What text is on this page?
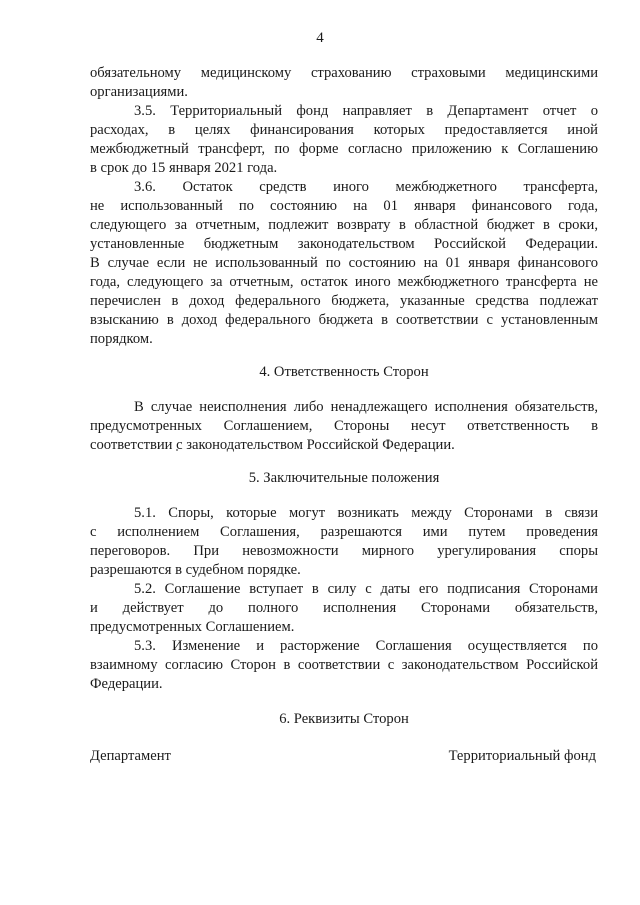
4
обязательному медицинскому страхованию страховыми медицинскими
организациями.
3.5. Территориальный фонд направляет в Департамент отчет о
расходах, в целях финансирования которых предоставляется иной
межбюджетный трансферт, по форме согласно приложению к Соглашению
в срок до 15 января 2021 года.
3.6. Остаток средств иного межбюджетного трансферта,
не использованный по состоянию на 01 января финансового года,
следующего за отчетным, подлежит возврату в областной бюджет в сроки,
установленные бюджетным законодательством Российской Федерации.
В случае если не использованный по состоянию на 01 января финансового
года, следующего за отчетным, остаток иного межбюджетного трансферта не
перечислен в доход федерального бюджета, указанные средства подлежат
взысканию в доход федерального бюджета в соответствии с установленным
порядком.
4. Ответственность Сторон
В случае неисполнения либо ненадлежащего исполнения обязательств,
предусмотренных Соглашением, Стороны несут ответственность в
соответствии с законодательством Российской Федерации.
5. Заключительные положения
5.1. Споры, которые могут возникать между Сторонами в связи
с исполнением Соглашения, разрешаются ими путем проведения
переговоров. При невозможности мирного урегулирования споры
разрешаются в судебном порядке.
5.2. Соглашение вступает в силу с даты его подписания Сторонами
и действует до полного исполнения Сторонами обязательств,
предусмотренных Соглашением.
5.3. Изменение и расторжение Соглашения осуществляется по
взаимному согласию Сторон в соответствии с законодательством Российской
Федерации.
6. Реквизиты Сторон
Департамент	Территориальный фонд
